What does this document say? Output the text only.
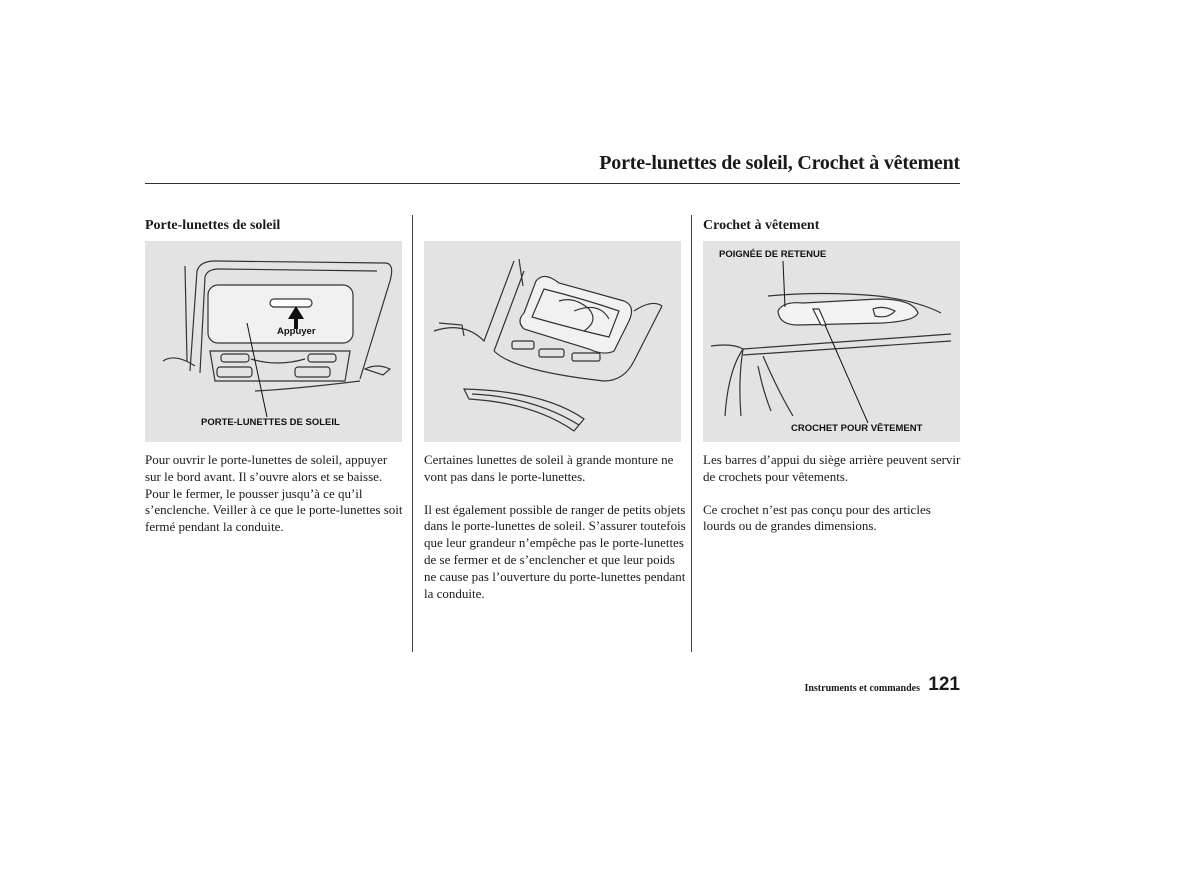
Porte-lunettes de soleil, Crochet à vêtement
Porte-lunettes de soleil
Appuyer
PORTE-LUNETTES DE SOLEIL

Pour ouvrir le porte-lunettes de soleil, appuyer sur le bord avant. Il s’ouvre alors et se baisse. Pour le fermer, le pousser jusqu’à ce qu’il s’enclenche. Veiller à ce que le porte-lunettes soit fermé pendant la conduite.

Certaines lunettes de soleil à grande monture ne vont pas dans le porte-lunettes.

Il est également possible de ranger de petits objets dans le porte-lunettes de soleil. S’assurer toutefois que leur grandeur n’empêche pas le porte-lunettes de se fermer et de s’enclencher et que leur poids ne cause pas l’ouverture du porte-lunettes pendant la conduite.

Crochet à vêtement
POIGNÉE DE RETENUE
CROCHET POUR VÊTEMENT

Les barres d’appui du siège arrière peuvent servir de crochets pour vêtements.

Ce crochet n’est pas conçu pour des articles lourds ou de grandes dimensions.

Instruments et commandes 121
